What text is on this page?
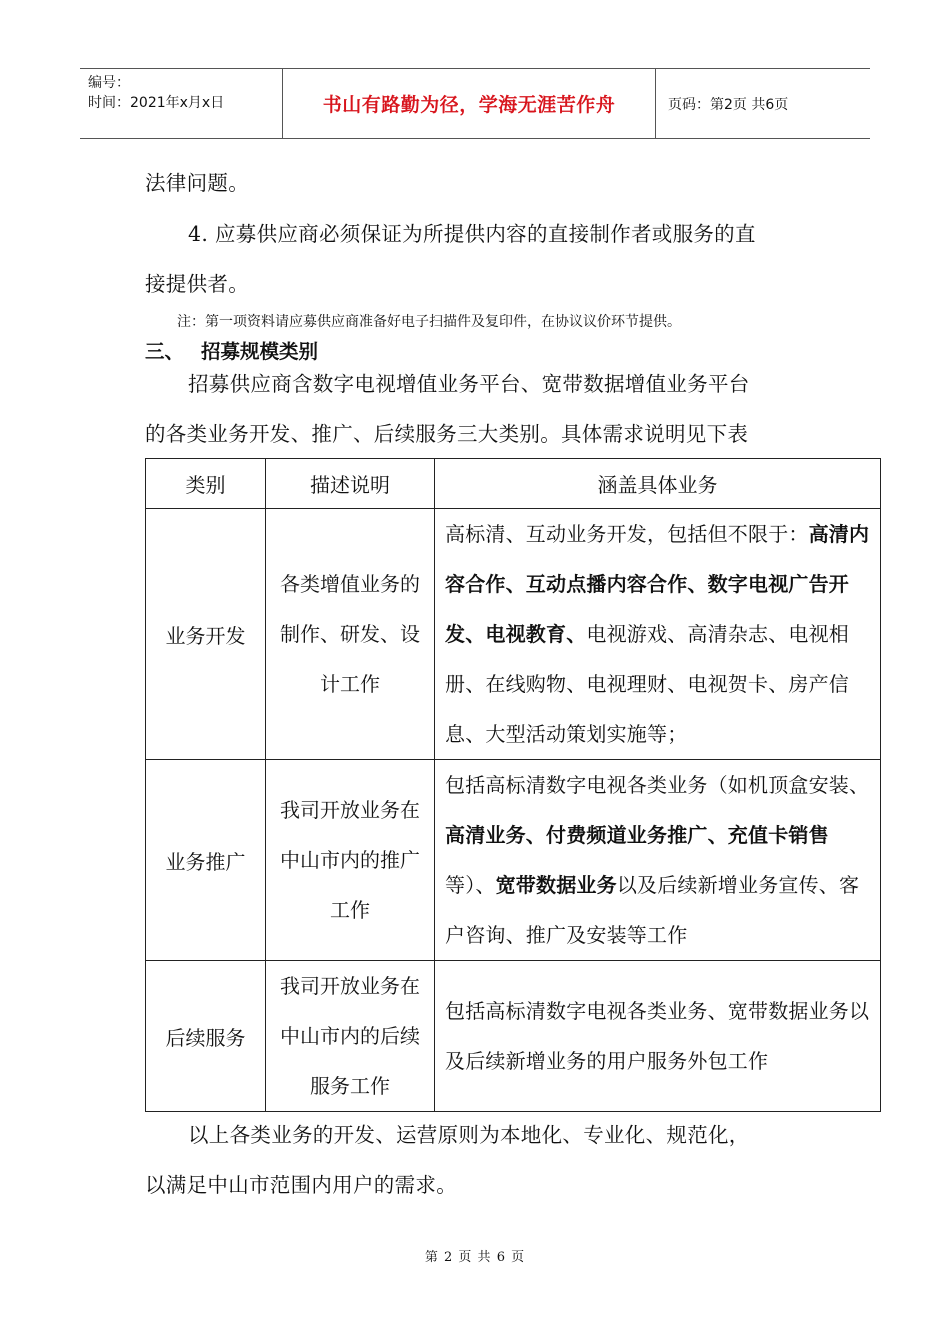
编号：
时间：2021年x月x日	书山有路勤为径，学海无涯苦作舟	页码：第2页 共6页
法律问题。
4. 应募供应商必须保证为所提供内容的直接制作者或服务的直
接提供者。
注：第一项资料请应募供应商准备好电子扫描件及复印件，在协议议价环节提供。
三、 招募规模类别
招募供应商含数字电视增值业务平台、宽带数据增值业务平台
的各类业务开发、推广、后续服务三大类别。具体需求说明见下表
类别	描述说明	涵盖具体业务
业务开发	各类增值业务的制作、研发、设计工作	高标清、互动业务开发，包括但不限于：高清内容合作、互动点播内容合作、数字电视广告开发、电视教育、电视游戏、高清杂志、电视相册、在线购物、电视理财、电视贺卡、房产信息、大型活动策划实施等；

业务推广	我司开放业务在中山市内的推广工作	包括高标清数字电视各类业务（如机顶盒安装、高清业务、付费频道业务推广、充值卡销售等）、宽带数据业务以及后续新增业务宣传、客户咨询、推广及安装等工作

后续服务	我司开放业务在中山市内的后续服务工作	包括高标清数字电视各类业务、宽带数据业务以及后续新增业务的用户服务外包工作
以上各类业务的开发、运营原则为本地化、专业化、规范化，
以满足中山市范围内用户的需求。
第 2 页 共 6 页
